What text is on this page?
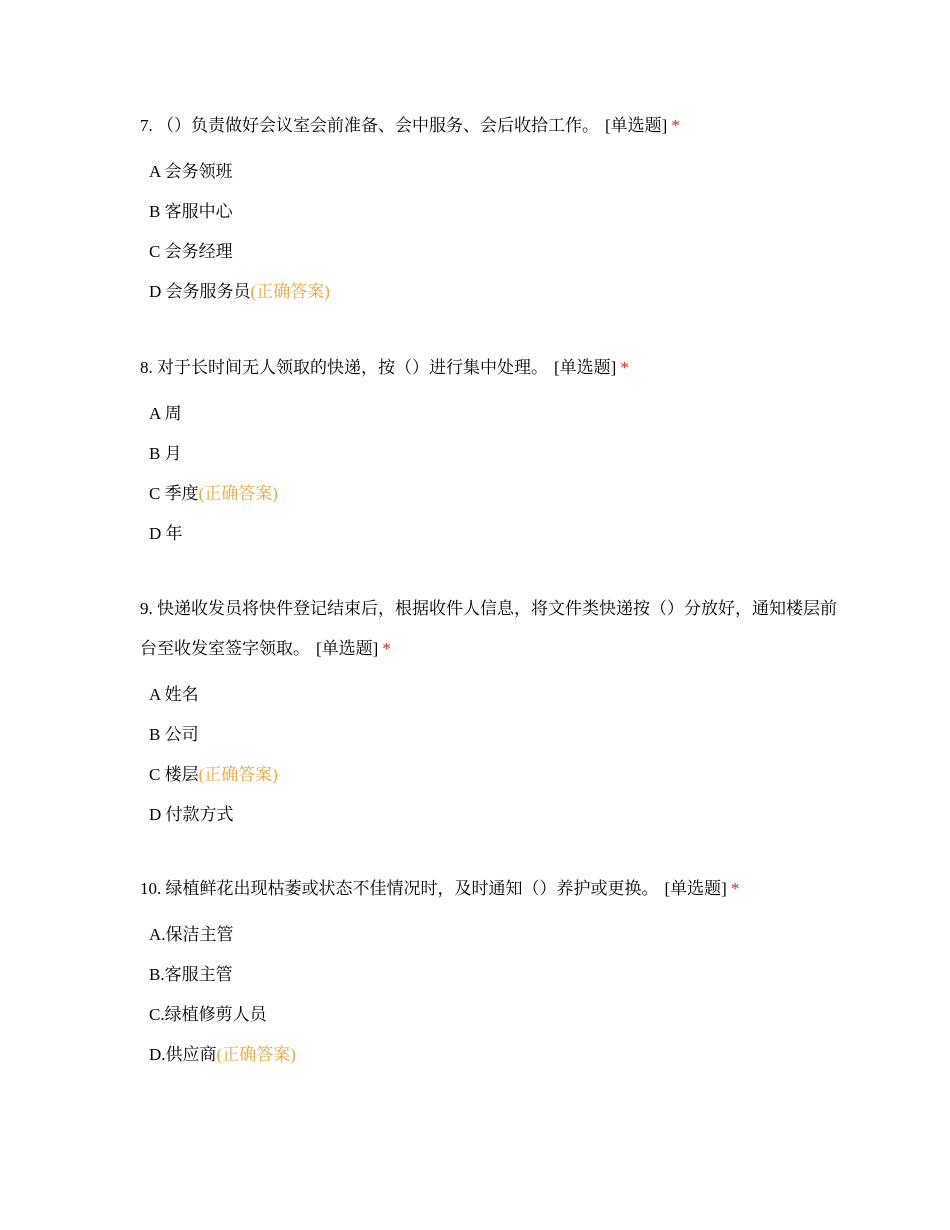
7. （）负责做好会议室会前准备、会中服务、会后收拾工作。 [单选题] *

A 会务领班
B 客服中心
C 会务经理
D 会务服务员(正确答案)

8. 对于长时间无人领取的快递，按（）进行集中处理。 [单选题] *

A 周
B 月
C 季度(正确答案)
D 年

9. 快递收发员将快件登记结束后，根据收件人信息，将文件类快递按（）分放好，通知楼层前台至收发室签字领取。 [单选题] *

A 姓名
B 公司
C 楼层(正确答案)
D 付款方式

10. 绿植鲜花出现枯萎或状态不佳情况时，及时通知（）养护或更换。 [单选题] *

A.保洁主管
B.客服主管
C.绿植修剪人员
D.供应商(正确答案)
